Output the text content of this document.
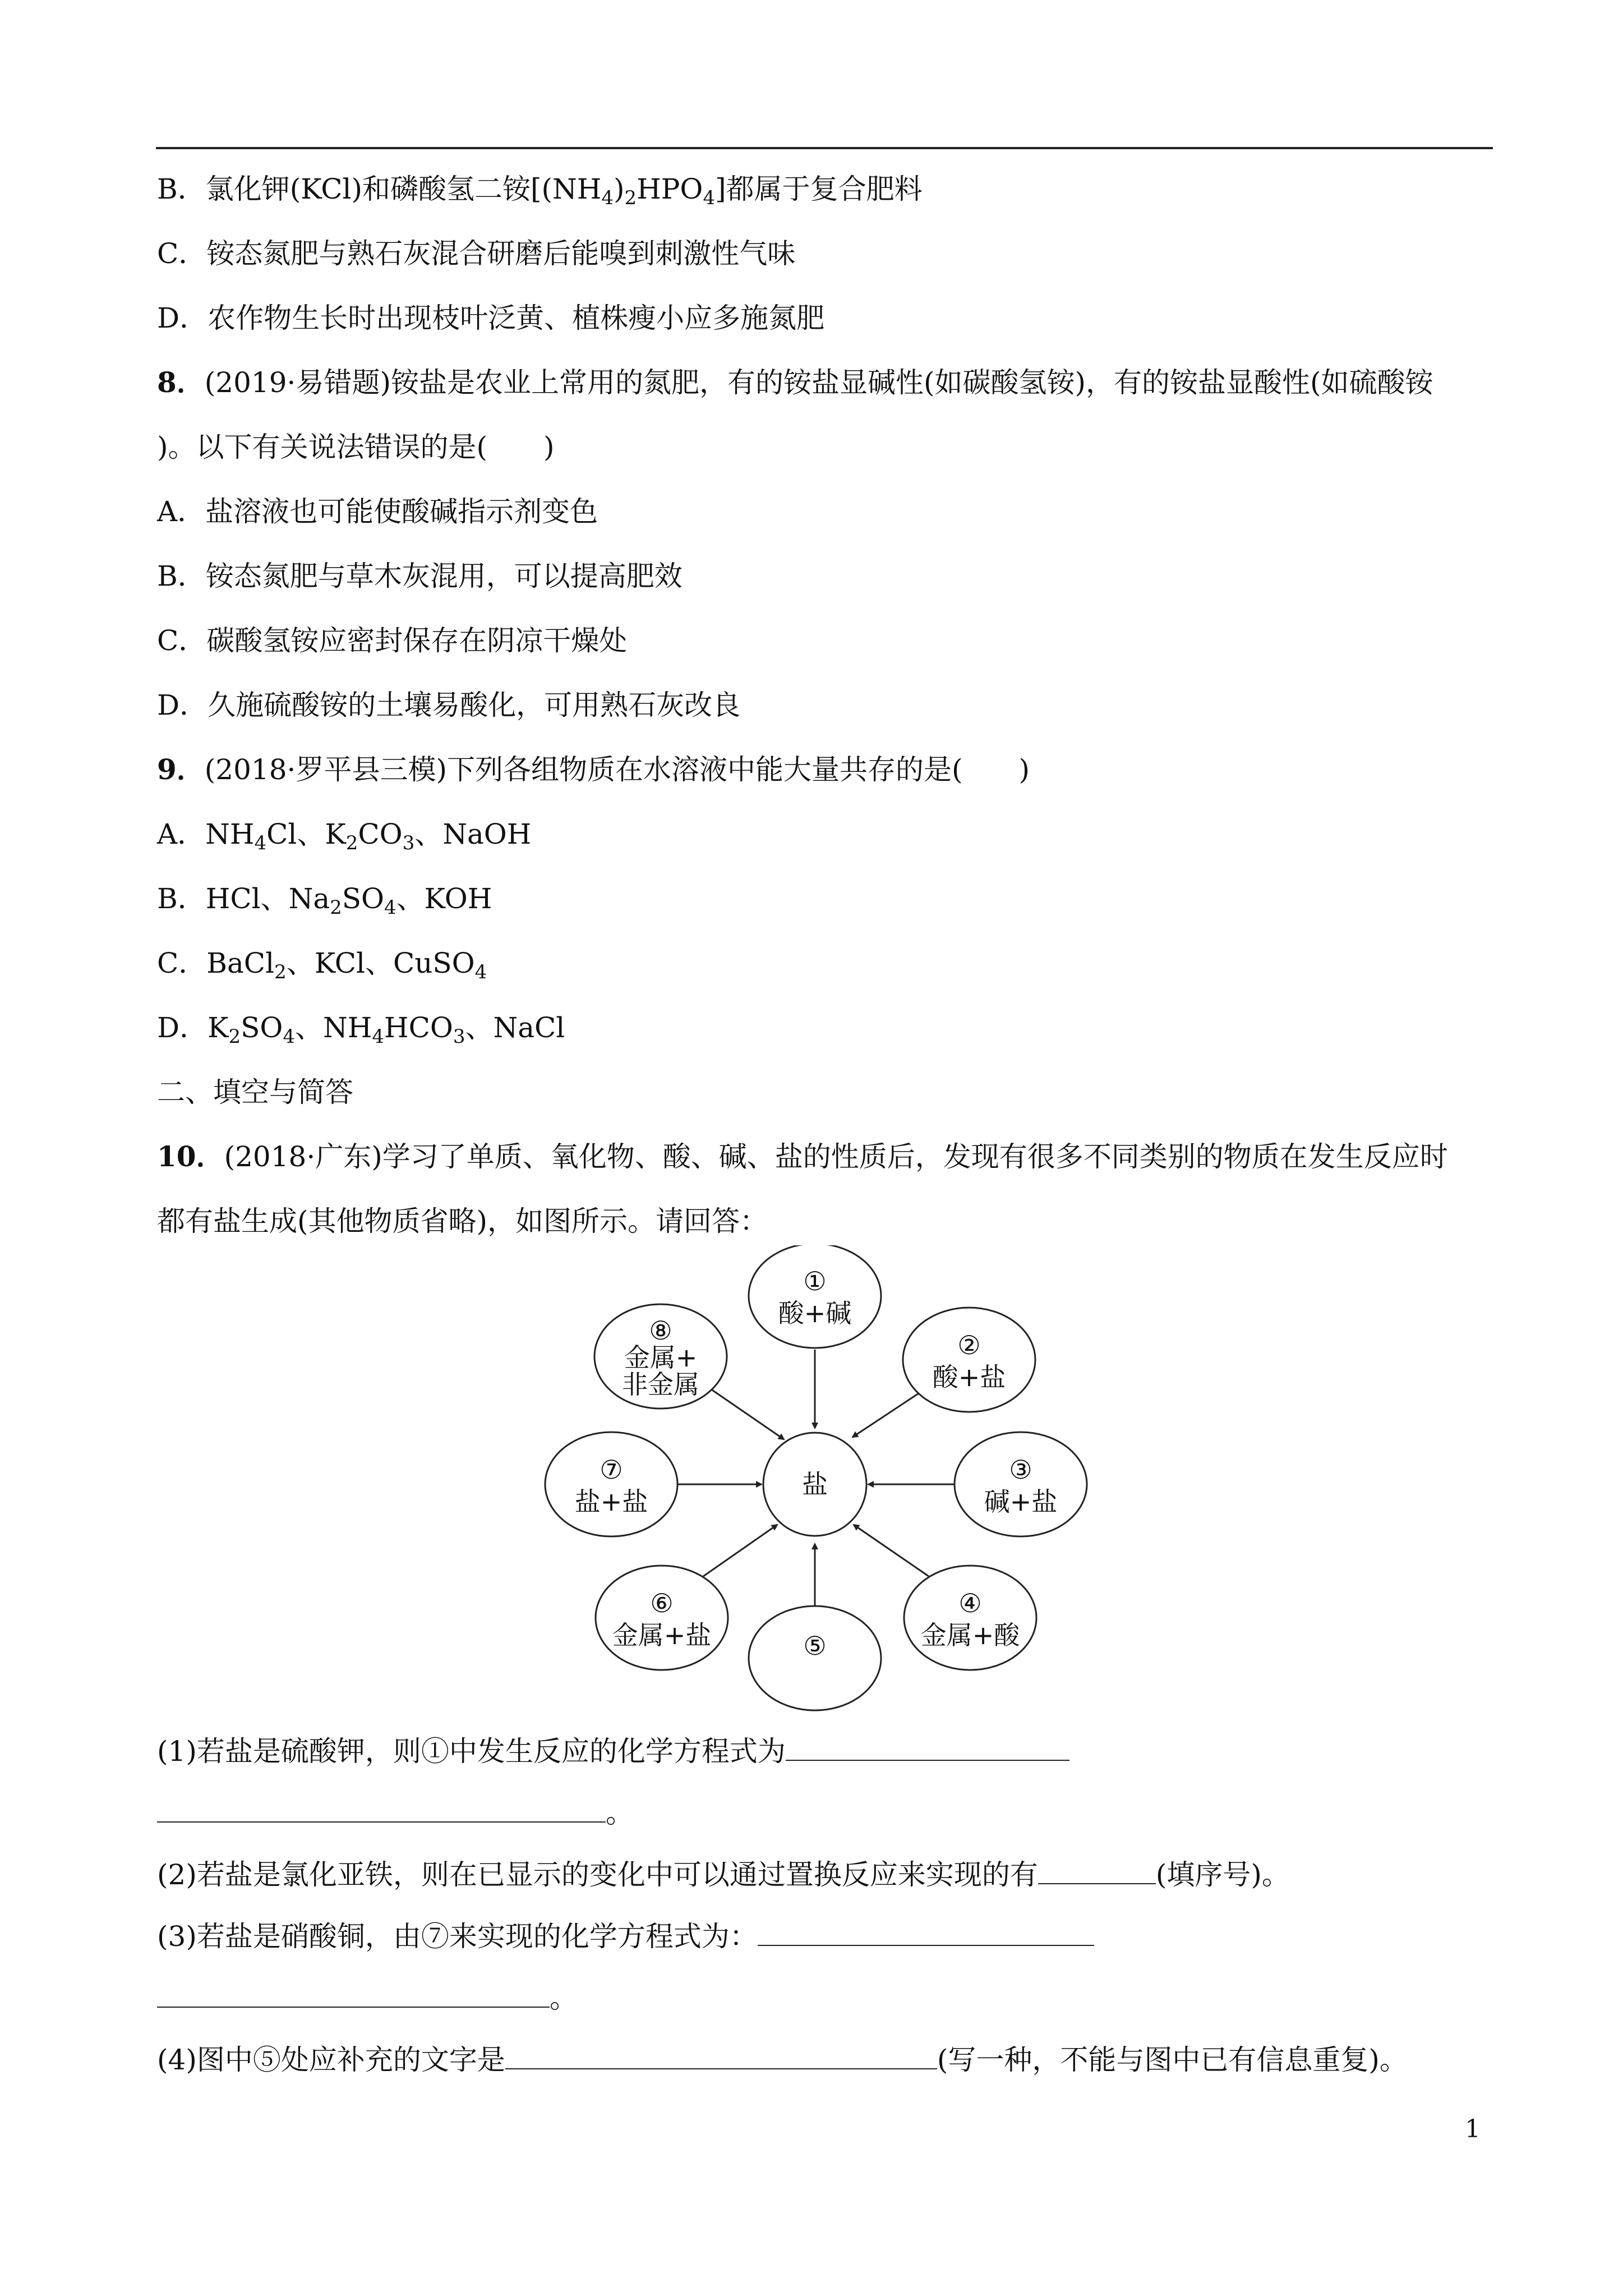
B．氯化钾(KCl)和磷酸氢二铵$[(NH_4)_2HPO_4]$都属于复合肥料
C．铵态氮肥与熟石灰混合研磨后能嗅到刺激性气味
D．农作物生长时出现枝叶泛黄、植株瘦小应多施氮肥
8．(2019·易错题)铵盐是农业上常用的氮肥，有的铵盐显碱性(如碳酸氢铵)，有的铵盐显酸性(如硫酸铵
)。以下有关说法错误的是(　　)
A．盐溶液也可能使酸碱指示剂变色
B．铵态氮肥与草木灰混用，可以提高肥效
C．碳酸氢铵应密封保存在阴凉干燥处
D．久施硫酸铵的土壤易酸化，可用熟石灰改良
9．(2018·罗平县三模)下列各组物质在水溶液中能大量共存的是(　　)
A．$NH_4Cl$、$K_2CO_3$、NaOH
B．HCl、$Na_2SO_4$、KOH
C．BaCl$_2$、KCl、CuSO$_4$
D．$K_2SO_4$、$NH_4HCO_3$、NaCl
二、填空与简答
10．(2018·广东)学习了单质、氧化物、酸、碱、盐的性质后，发现有很多不同类别的物质在发生反应时
都有盐生成(其他物质省略)，如图所示。请回答：
盐
①
酸+碱
②
酸+盐
③
碱+盐
④
金属+酸
⑤
⑥
金属+盐
⑦
盐+盐
⑧
金属+
非金属
(1)若盐是硫酸钾，则①中发生反应的化学方程式为
。
(2)若盐是氯化亚铁，则在已显示的变化中可以通过置换反应来实现的有	(填序号)。
(3)若盐是硝酸铜，由⑦来实现的化学方程式为：
。
(4)图中⑤处应补充的文字是	(写一种，不能与图中已有信息重复)。
1
